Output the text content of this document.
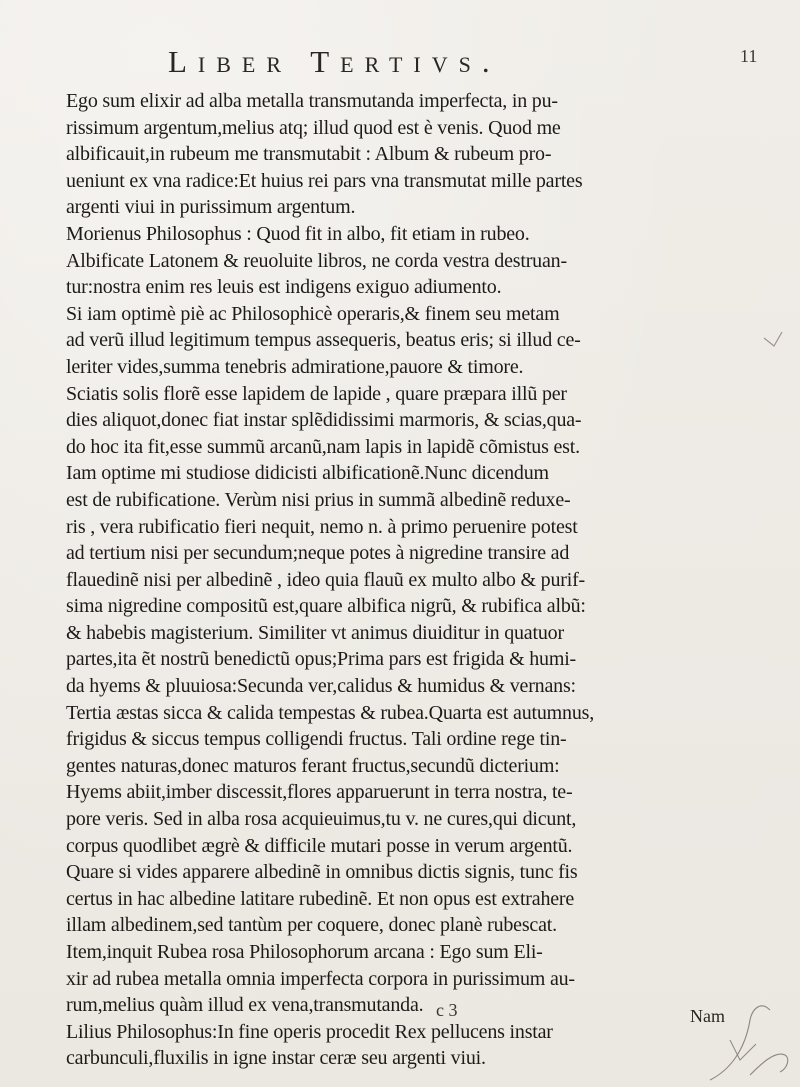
Liber Tertivs.	11
Ego sum elixir ad alba metalla transmutanda imperfecta, in pu-
rissimum argentum,melius atq; illud quod est è venis. Quod me
albificauit,in rubeum me transmutabit : Album & rubeum pro-
ueniunt ex vna radice:Et huius rei pars vna transmutat mille partes
argenti viui in purissimum argentum.
Morienus Philosophus : Quod fit in albo, fit etiam in rubeo.
Albificate Latonem & reuoluite libros, ne corda vestra destruan-
tur:nostra enim res leuis est indigens exiguo adiumento.
Si iam optimè piè ac Philosophicè operaris,& finem seu metam
ad verũ illud legitimum tempus assequeris, beatus eris; si illud ce-
leriter vides,summa tenebris admiratione,pauore & timore.
Sciatis solis florẽ esse lapidem de lapide , quare præpara illũ per
dies aliquot,donec fiat instar splẽdidissimi marmoris, & scias,qua-
do hoc ita fit,esse summũ arcanũ,nam lapis in lapidẽ cõmistus est.
Iam optime mi studiose didicisti albificationẽ.Nunc dicendum
est de rubificatione. Verùm nisi prius in summã albedinẽ reduxe-
ris , vera rubificatio fieri nequit, nemo n. à primo peruenire potest
ad tertium nisi per secundum;neque potes à nigredine transire ad
flauedinẽ nisi per albedinẽ , ideo quia flauũ ex multo albo & purif-
sima nigredine compositũ est,quare albifica nigrũ, & rubifica albũ:
& habebis magisterium. Similiter vt animus diuiditur in quatuor
partes,ita ẽt nostrũ benedictũ opus;Prima pars est frigida & humi-
da hyems & pluuiosa:Secunda ver,calidus & humidus & vernans:
Tertia æstas sicca & calida tempestas & rubea.Quarta est autumnus,
frigidus & siccus tempus colligendi fructus. Tali ordine rege tin-
gentes naturas,donec maturos ferant fructus,secundũ dicterium:
Hyems abiit,imber discessit,flores apparuerunt in terra nostra, te-
pore veris. Sed in alba rosa acquieuimus,tu v. ne cures,qui dicunt,
corpus quodlibet ægrè & difficile mutari posse in verum argentũ.
Quare si vides apparere albedinẽ in omnibus dictis signis, tunc fis
certus in hac albedine latitare rubedinẽ. Et non opus est extrahere
illam albedinem,sed tantùm per coquere, donec planè rubescat.
Item,inquit Rubea rosa Philosophorum arcana : Ego sum Eli-
xir ad rubea metalla omnia imperfecta corpora in purissimum au-
rum,melius quàm illud ex vena,transmutanda.
Lilius Philosophus:In fine operis procedit Rex pellucens instar
carbunculi,fluxilis in igne instar ceræ seu argenti viui.
c 3	Nam
